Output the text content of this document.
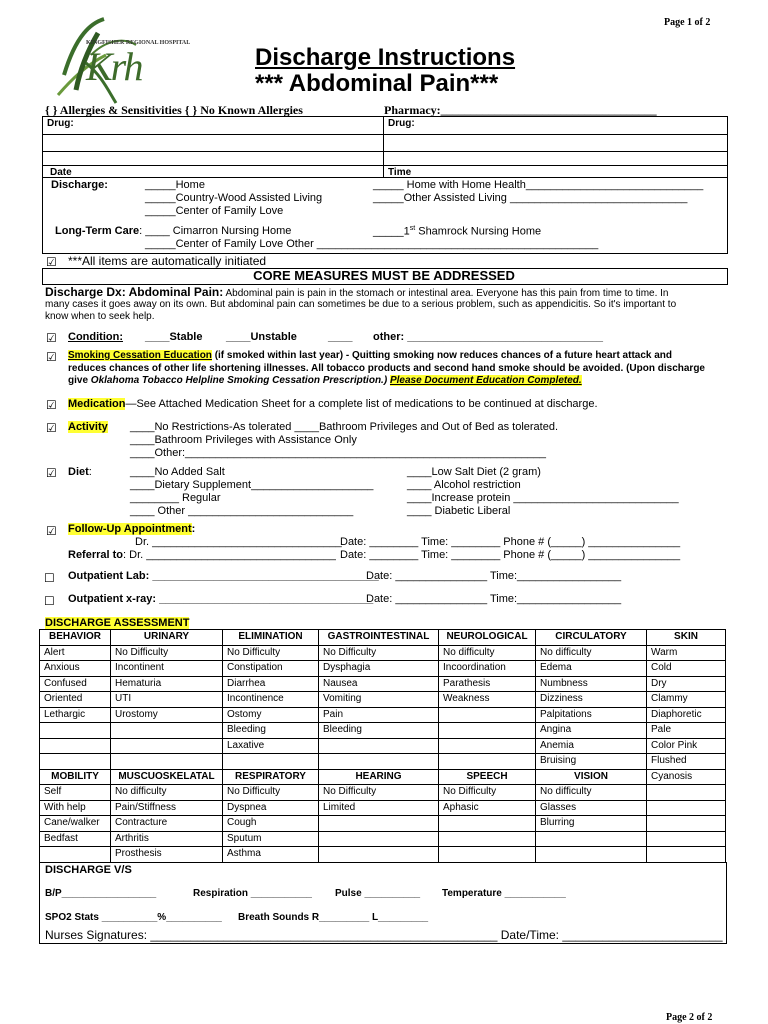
Page 1 of 2
Krh
KINGFISHER REGIONAL HOSPITAL
Discharge Instructions
*** Abdominal Pain***
{ } Allergies & Sensitivities { } No Known Allergies	Pharmacy:____________________________________
Drug:	Drug:
Date	Time
Discharge:	_____Home
_____Country-Wood Assisted Living
_____Center of Family Love
_____ Home with Home Health_____________________________
_____Other Assisted Living _____________________________
Long-Term Care: ____ Cimarron Nursing Home
_____Center of Family Love Other ______________________________________________
_____1st Shamrock Nursing Home
☑ ***All items are automatically initiated
CORE MEASURES MUST BE ADDRESSED
Discharge Dx: Abdominal Pain: Abdominal pain is pain in the stomach or intestinal area. Everyone has this pain from time to time. In
many cases it goes away on its own. But abdominal pain can sometimes be due to a serious problem, such as appendicitis. So it's important to
know when to seek help.
☑ Condition: ____Stable ____Unstable	____ other: ________________________________
☑ Smoking Cessation Education (if smoked within last year) - Quitting smoking now reduces chances of a future heart attack and
reduces chances of other life shortening illnesses. All tobacco products and second hand smoke should be avoided. (Upon discharge
give Oklahoma Tobacco Helpline Smoking Cessation Prescription.) Please Document Education Completed.
☑ Medication—See Attached Medication Sheet for a complete list of medications to be continued at discharge.
☑ Activity ____No Restrictions-As tolerated ____Bathroom Privileges and Out of Bed as tolerated.
____Bathroom Privileges with Assistance Only
____Other:___________________________________________________________
☑ Diet:	____No Added Salt
____Dietary Supplement____________________
________ Regular
____ Other ___________________________
____Low Salt Diet (2 gram)
____ Alcohol restriction
____Increase protein ___________________________
____ Diabetic Liberal
☑ Follow-Up Appointment:
Dr. _______________________________
Date: ________ Time: ________ Phone # (_____) _______________
Referral to: Dr. _______________________________ Date: ________ Time: ________ Phone # (_____) _______________
☐ Outpatient Lab: _____________________________________
Date: _______________ Time:_________________
☐ Outpatient x-ray: ___________________________________
Date: _______________ Time:_________________
DISCHARGE ASSESSMENT
BEHAVIOR	URINARY	ELIMINATION	GASTROINTESTINAL	NEUROLOGICAL	CIRCULATORY	SKIN
Alert	No Difficulty	No Difficulty	No Difficulty	No difficulty	No difficulty	Warm
Anxious	Incontinent	Constipation	Dysphagia	Incoordination	Edema	Cold
Confused	Hematuria	Diarrhea	Nausea	Parathesis	Numbness	Dry
Oriented	UTI	Incontinence	Vomiting	Weakness	Dizziness	Clammy
Lethargic	Urostomy	Ostomy	Pain		Palpitations	Diaphoretic
		Bleeding	Bleeding		Angina	Pale
		Laxative			Anemia	Color Pink
					Bruising	Flushed
MOBILITY	MUSCUOSKELATAL	RESPIRATORY	HEARING	SPEECH	VISION	Cyanosis
Self	No difficulty	No Difficulty	No Difficulty	No Difficulty	No difficulty	
With help	Pain/Stiffness	Dyspnea	Limited	Aphasic	Glasses	
Cane/walker	Contracture	Cough			Blurring	
Bedfast	Arthritis	Sputum				
	Prosthesis	Asthma				
DISCHARGE V/S
B/P_________________	Respiration ___________ Pulse __________ Temperature ___________
SPO2 Stats __________%__________ Breath Sounds R_________ L_________
Nurses Signatures: ____________________________________________________ Date/Time: ________________________
Page 2 of 2
